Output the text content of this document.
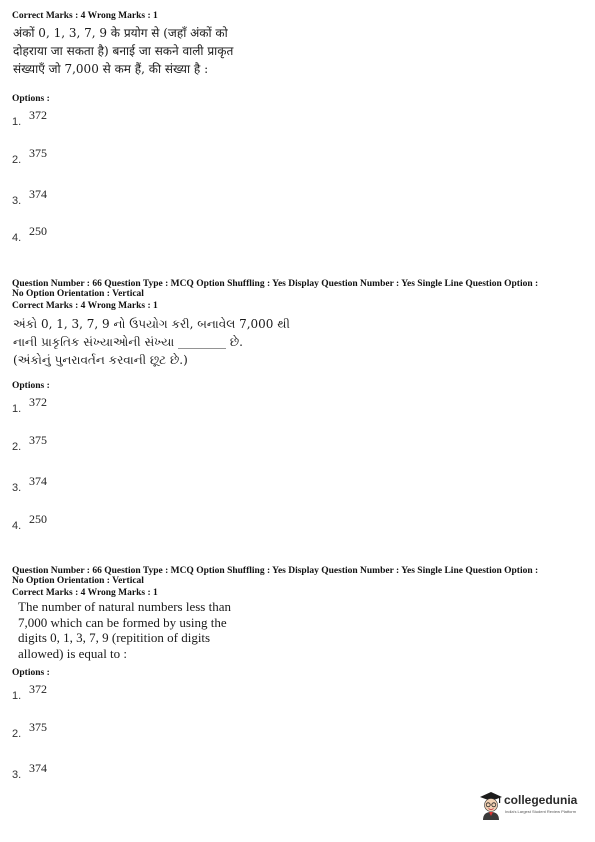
Correct Marks : 4 Wrong Marks : 1
अंकों 0, 1, 3, 7, 9 के प्रयोग से (जहाँ अंकों को
दोहराया जा सकता है) बनाई जा सकने वाली प्राकृत
संख्याएँ जो 7,000 से कम हैं, की संख्या है :
Options :
1. 372
2. 375
3. 374
4. 250
Question Number : 66 Question Type : MCQ Option Shuffling : Yes Display Question Number : Yes Single Line Question Option :
No Option Orientation : Vertical
Correct Marks : 4 Wrong Marks : 1
અંકો 0, 1, 3, 7, 9 નો ઉપયોગ કરી, બનાવેલ 7,000 થી
નાની પ્રાકૃતિક સંખ્યાઓની સંખ્યા ________ છે.
(અંકોનું પુનરાવર્તન કરવાની છૂટ છે.)
Options :
1. 372
2. 375
3. 374
4. 250
Question Number : 66 Question Type : MCQ Option Shuffling : Yes Display Question Number : Yes Single Line Question Option :
No Option Orientation : Vertical
Correct Marks : 4 Wrong Marks : 1
The number of natural numbers less than
7,000 which can be formed by using the
digits 0, 1, 3, 7, 9 (repitition of digits
allowed) is equal to :
Options :
1. 372
2. 375
3. 374
collegedunia
India's Largest Student Review Platform
